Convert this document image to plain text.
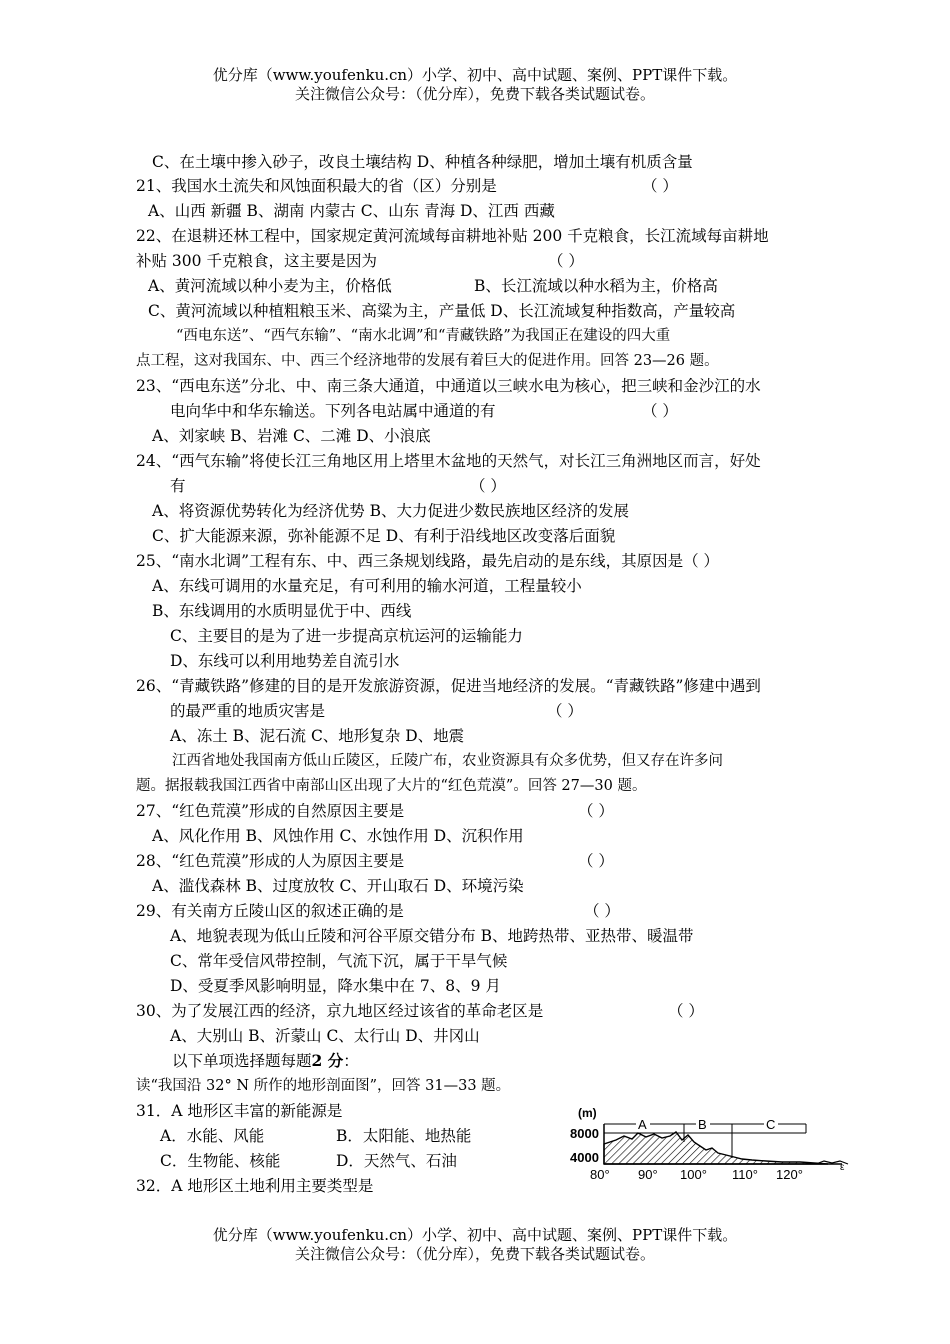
优分库（www.youfenku.cn）小学、初中、高中试题、案例、PPT课件下载。
关注微信公众号：（优分库），免费下载各类试题试卷。
C、在土壤中掺入砂子，改良土壤结构 D、种植各种绿肥，增加土壤有机质含量
21、我国水土流失和风蚀面积最大的省（区）分别是	（ ）
A、山西 新疆 B、湖南 内蒙古 C、山东 青海 D、江西 西藏
22、在退耕还林工程中，国家规定黄河流域每亩耕地补贴 200 千克粮食，长江流域每亩耕地
补贴 300 千克粮食，这主要是因为	（ ）
A、黄河流域以种小麦为主，价格低	B、长江流域以种水稻为主，价格高
C、黄河流域以种植粗粮玉米、高粱为主，产量低 D、长江流域复种指数高，产量较高
“西电东送”、“西气东输”、“南水北调”和“青藏铁路”为我国正在建设的四大重
点工程，这对我国东、中、西三个经济地带的发展有着巨大的促进作用。回答 23—26 题。
23、“西电东送”分北、中、南三条大通道，中通道以三峡水电为核心，把三峡和金沙江的水
电向华中和华东输送。下列各电站属中通道的有	（ ）
A、刘家峡 B、岩滩 C、二滩 D、小浪底
24、“西气东输”将使长江三角地区用上塔里木盆地的天然气，对长江三角洲地区而言，好处
有	（ ）
A、将资源优势转化为经济优势 B、大力促进少数民族地区经济的发展
C、扩大能源来源，弥补能源不足 D、有利于沿线地区改变落后面貌
25、“南水北调”工程有东、中、西三条规划线路，最先启动的是东线，其原因是（ ）
A、东线可调用的水量充足，有可利用的输水河道，工程量较小
B、东线调用的水质明显优于中、西线
C、主要目的是为了进一步提高京杭运河的运输能力
D、东线可以利用地势差自流引水
26、“青藏铁路”修建的目的是开发旅游资源，促进当地经济的发展。“青藏铁路”修建中遇到
的最严重的地质灾害是	（ ）
A、冻土 B、泥石流 C、地形复杂 D、地震
江西省地处我国南方低山丘陵区，丘陵广布，农业资源具有众多优势，但又存在许多问
题。据报载我国江西省中南部山区出现了大片的“红色荒漠”。回答 27—30 题。
27、“红色荒漠”形成的自然原因主要是	（ ）
A、风化作用 B、风蚀作用 C、水蚀作用 D、沉积作用
28、“红色荒漠”形成的人为原因主要是	（ ）
A、滥伐森林 B、过度放牧 C、开山取石 D、环境污染
29、有关南方丘陵山区的叙述正确的是	（ ）
A、地貌表现为低山丘陵和河谷平原交错分布 B、地跨热带、亚热带、暖温带
C、常年受信风带控制，气流下沉，属于干旱气候
D、受夏季风影响明显，降水集中在 7、8、9 月
30、为了发展江西的经济，京九地区经过该省的革命老区是	（ ）
A、大别山 B、沂蒙山 C、太行山 D、井冈山
以下单项选择题每题2 分：
读“我国沿 32° N 所作的地形剖面图”，回答 31—33 题。
31．A 地形区丰富的新能源是
A．水能、风能	B．太阳能、地热能
C．生物能、核能	D．天然气、石油
32．A 地形区土地利用主要类型是
(m)
8000
4000
A	B	C
ε
80° 90° 100° 110° 120°
优分库（www.youfenku.cn）小学、初中、高中试题、案例、PPT课件下载。
关注微信公众号：（优分库），免费下载各类试题试卷。
